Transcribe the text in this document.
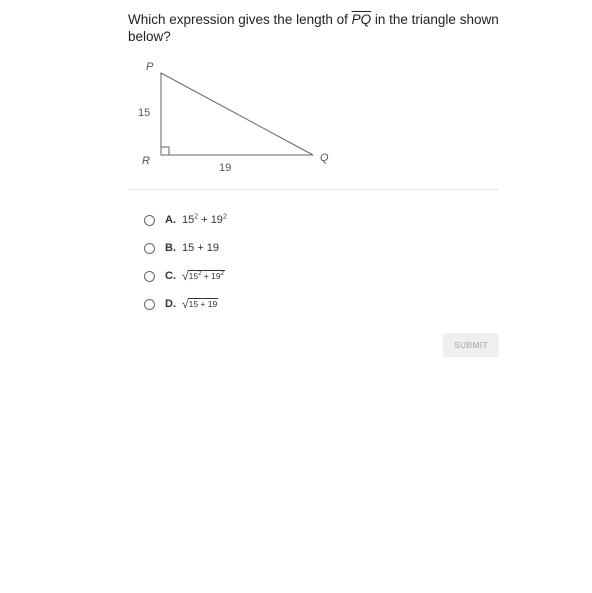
Which expression gives the length of $\overline{PQ}$ in the triangle shown below?
P
R	Q
15
19
A. $15^2 + 19^2$
B. 15 + 19
C. √ $15^2 + 19^2$
D. √ 15 + 19
SUBMIT
